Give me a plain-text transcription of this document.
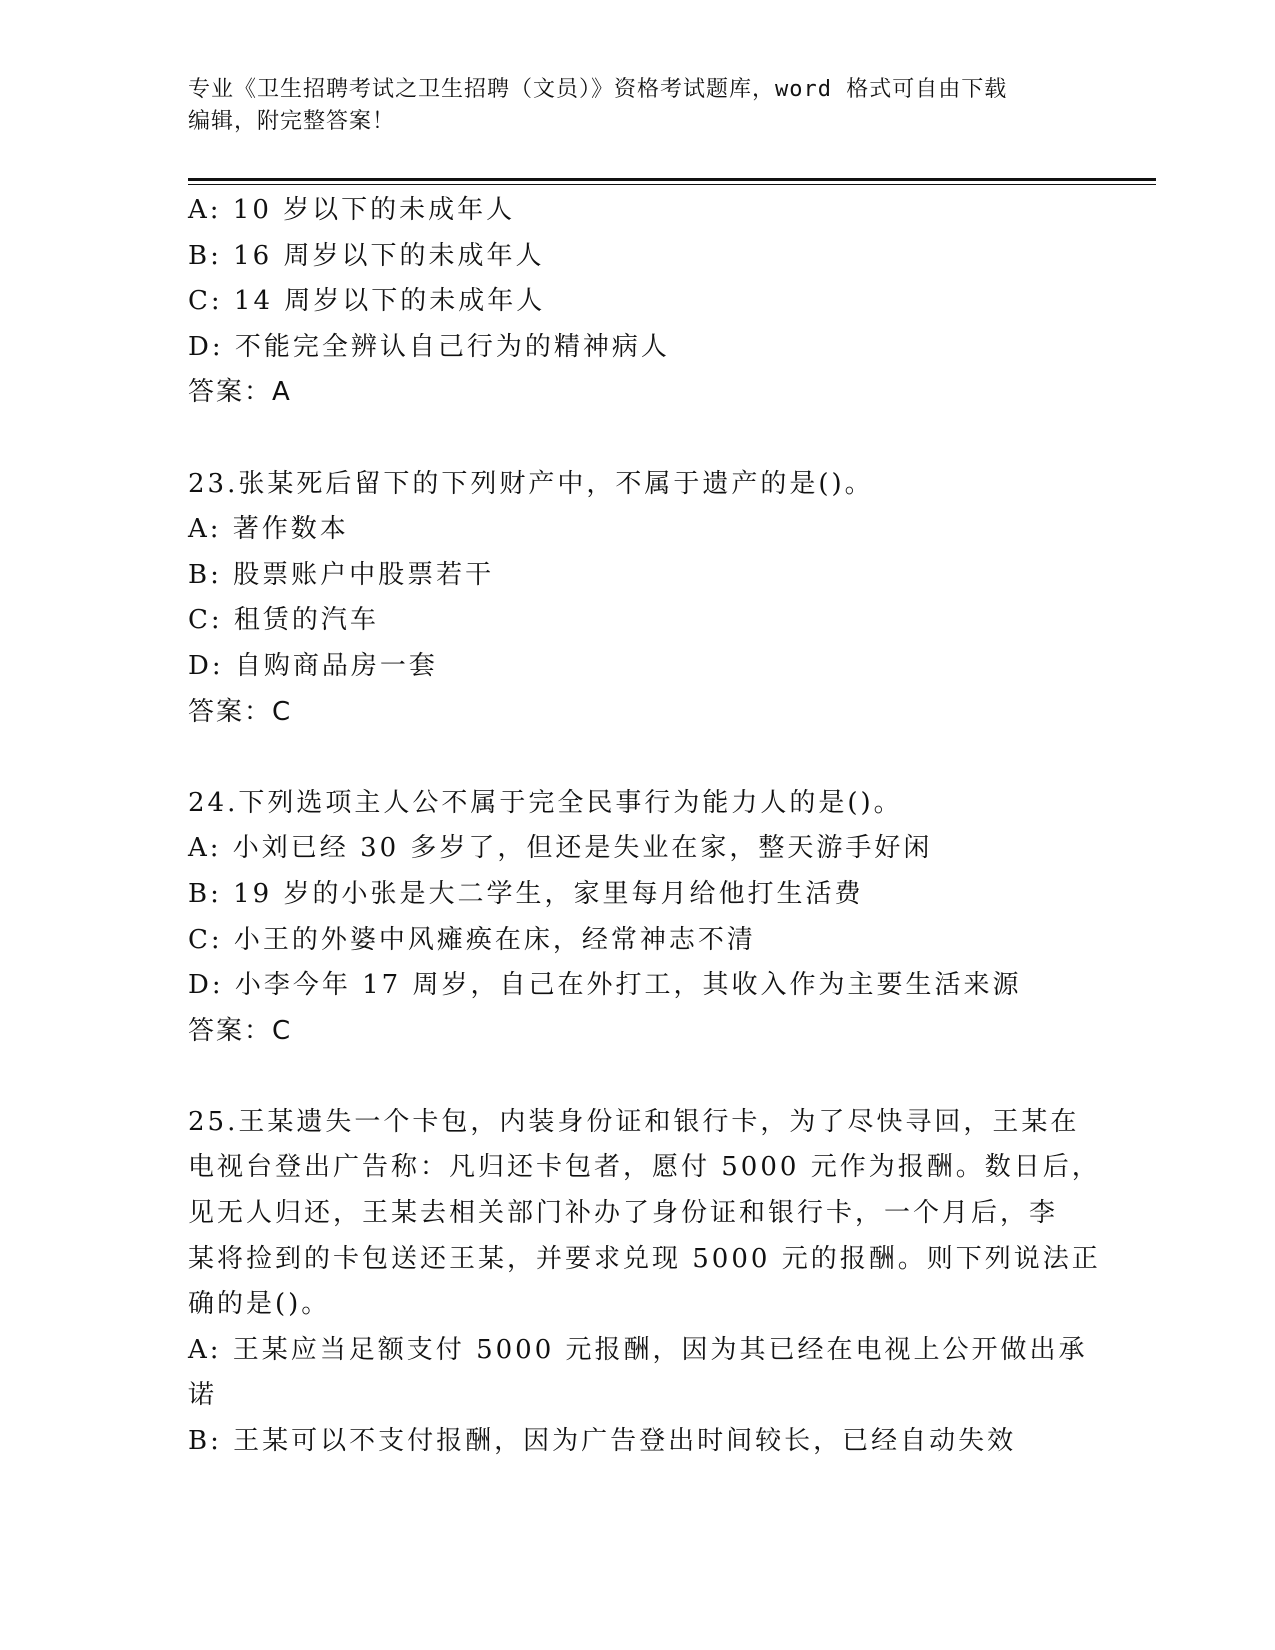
专业《卫生招聘考试之卫生招聘（文员）》资格考试题库，word 格式可自由下载
编辑，附完整答案！
A: 10 岁以下的未成年人
B: 16 周岁以下的未成年人
C: 14 周岁以下的未成年人
D: 不能完全辨认自己行为的精神病人
答案：A
23.张某死后留下的下列财产中，不属于遗产的是()。
A: 著作数本
B: 股票账户中股票若干
C: 租赁的汽车
D: 自购商品房一套
答案：C
24.下列选项主人公不属于完全民事行为能力人的是()。
A: 小刘已经 30 多岁了，但还是失业在家，整天游手好闲
B: 19 岁的小张是大二学生，家里每月给他打生活费
C: 小王的外婆中风瘫痪在床，经常神志不清
D: 小李今年 17 周岁，自己在外打工，其收入作为主要生活来源
答案：C
25.王某遗失一个卡包，内装身份证和银行卡，为了尽快寻回，王某在
电视台登出广告称：凡归还卡包者，愿付 5000 元作为报酬。数日后，
见无人归还，王某去相关部门补办了身份证和银行卡，一个月后，李
某将捡到的卡包送还王某，并要求兑现 5000 元的报酬。则下列说法正
确的是()。
A: 王某应当足额支付 5000 元报酬，因为其已经在电视上公开做出承
诺
B: 王某可以不支付报酬，因为广告登出时间较长，已经自动失效
